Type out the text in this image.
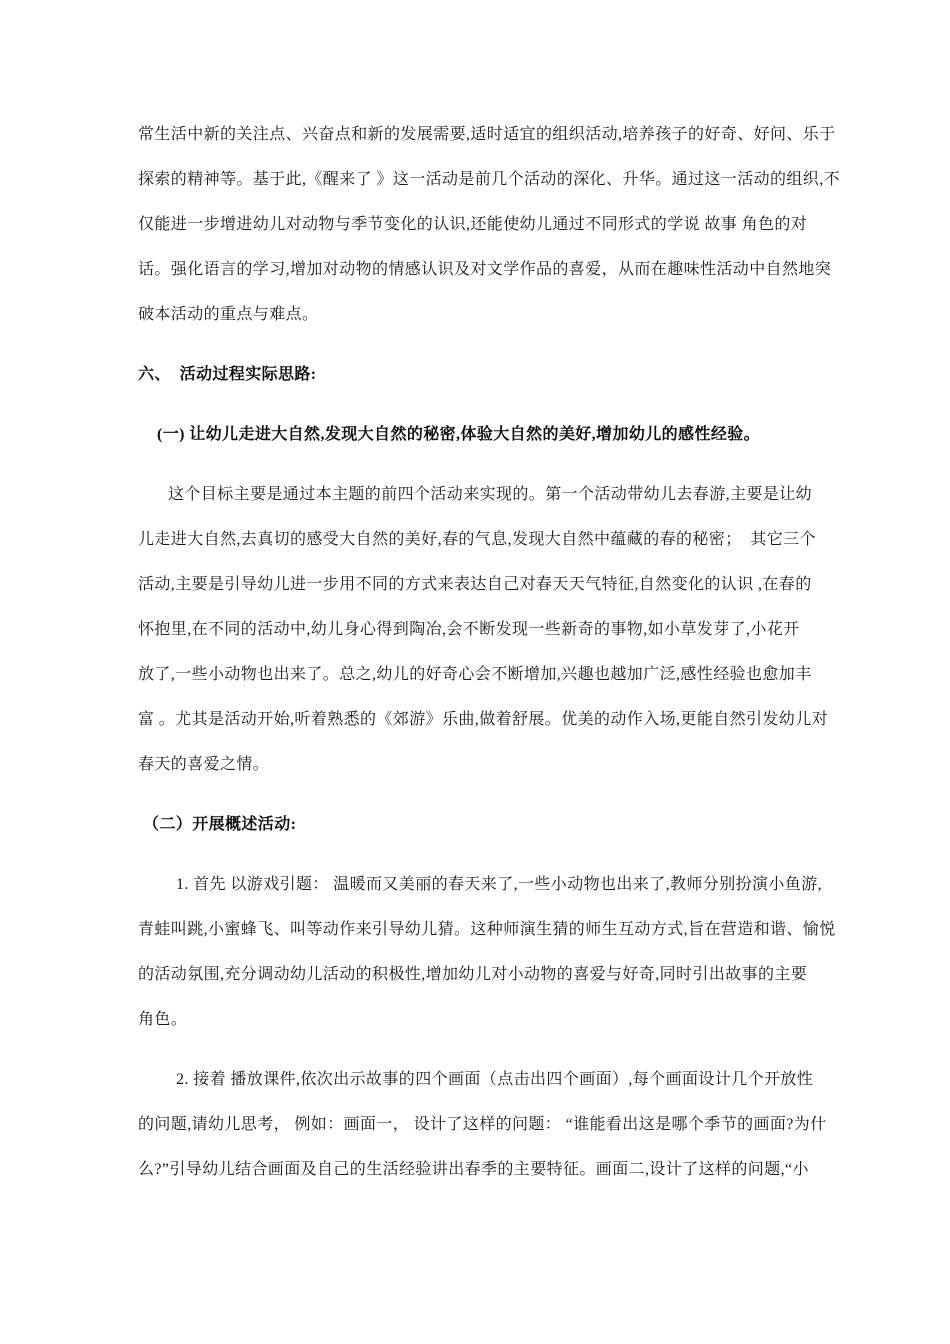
常生活中新的关注点、兴奋点和新的发展需要,适时适宜的组织活动,培养孩子的好奇、好问、乐于
探索的精神等。基于此,《醒来了 》这一活动是前几个活动的深化、升华。通过这一活动的组织,不
仅能进一步增进幼儿对动物与季节变化的认识,还能使幼儿通过不同形式的学说 故事 角色的对
话。强化语言的学习,增加对动物的情感认识及对文学作品的喜爱，从而在趣味性活动中自然地突
破本活动的重点与难点。
六、  活动过程实际思路:
(一) 让幼儿走进大自然,发现大自然的秘密,体验大自然的美好,增加幼儿的感性经验。
这个目标主要是通过本主题的前四个活动来实现的。第一个活动带幼儿去春游,主要是让幼
儿走进大自然,去真切的感受大自然的美好,春的气息,发现大自然中蕴藏的春的秘密；  其它三个
活动,主要是引导幼儿进一步用不同的方式来表达自己对春天天气特征,自然变化的认识 ,在春的
怀抱里,在不同的活动中,幼儿身心得到陶冶,会不断发现一些新奇的事物,如小草发芽了,小花开
放了,一些小动物也出来了。总之,幼儿的好奇心会不断增加,兴趣也越加广泛,感性经验也愈加丰
富 。尤其是活动开始,听着熟悉的《郊游》乐曲,做着舒展。优美的动作入场,更能自然引发幼儿对
春天的喜爱之情。
（二）开展概述活动:
1. 首先 以游戏引题： 温暖而又美丽的春天来了,一些小动物也出来了,教师分别扮演小鱼游,
青蛙叫跳,小蜜蜂飞、叫等动作来引导幼儿猜。这种师演生猜的师生互动方式,旨在营造和谐、愉悦
的活动氛围,充分调动幼儿活动的积极性,增加幼儿对小动物的喜爱与好奇,同时引出故事的主要
角色。
2. 接着 播放课件,依次出示故事的四个画面（点击出四个画面）,每个画面设计几个开放性
的问题,请幼儿思考， 例如：画面一， 设计了这样的问题： “谁能看出这是哪个季节的画面?为什
么?”引导幼儿结合画面及自己的生活经验讲出春季的主要特征。画面二,设计了这样的问题,“小
